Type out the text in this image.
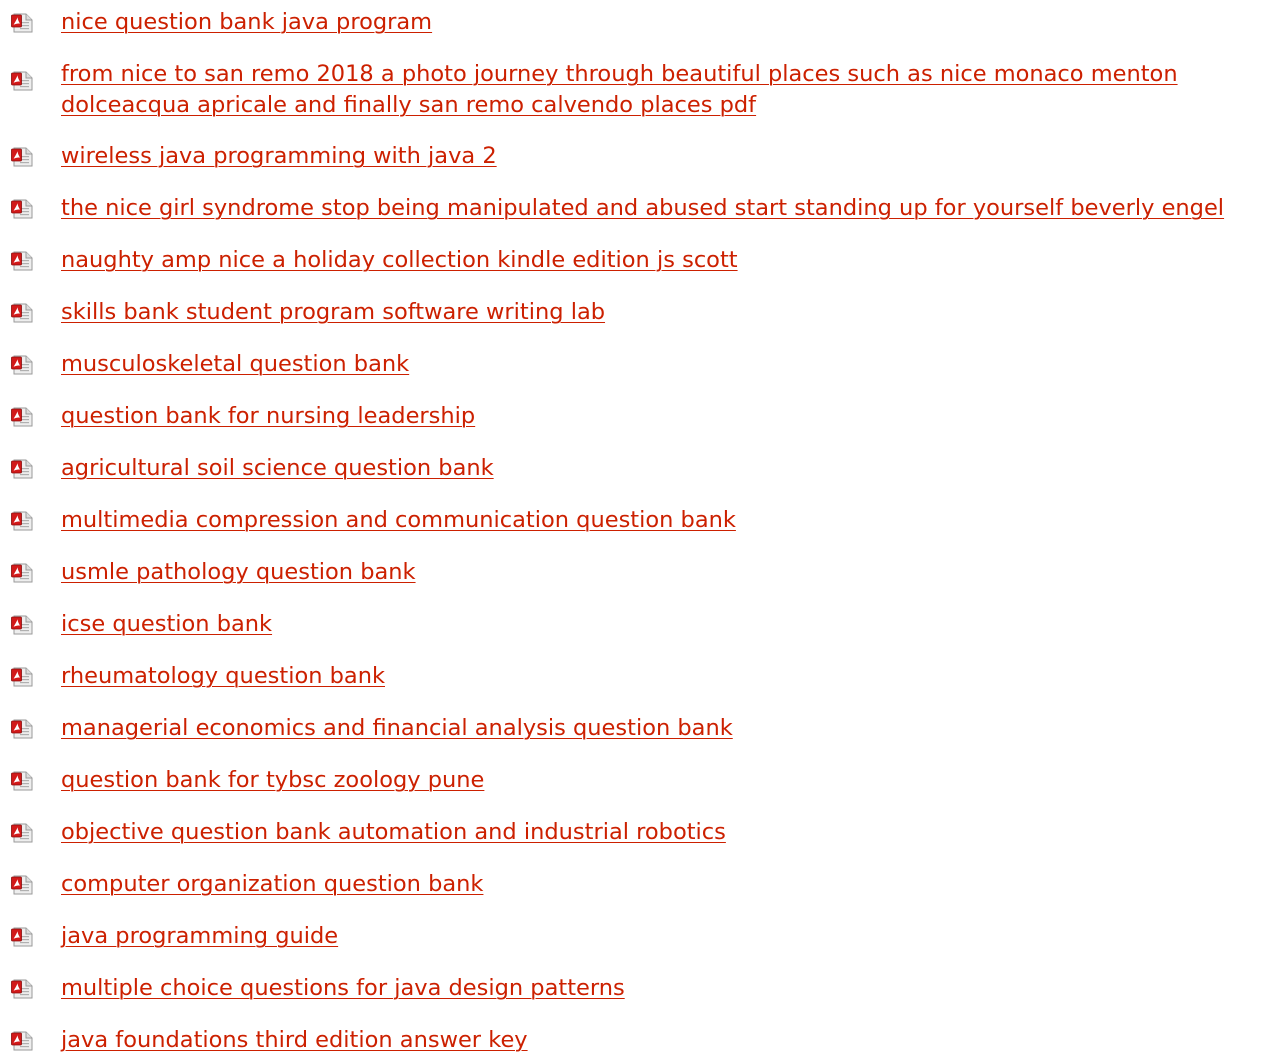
nice question bank java program
from nice to san remo 2018 a photo journey through beautiful places such as nice monaco menton dolceacqua apricale and finally san remo calvendo places pdf
wireless java programming with java 2
the nice girl syndrome stop being manipulated and abused start standing up for yourself beverly engel
naughty amp nice a holiday collection kindle edition js scott
skills bank student program software writing lab
musculoskeletal question bank
question bank for nursing leadership
agricultural soil science question bank
multimedia compression and communication question bank
usmle pathology question bank
icse question bank
rheumatology question bank
managerial economics and financial analysis question bank
question bank for tybsc zoology pune
objective question bank automation and industrial robotics
computer organization question bank
java programming guide
multiple choice questions for java design patterns
java foundations third edition answer key
